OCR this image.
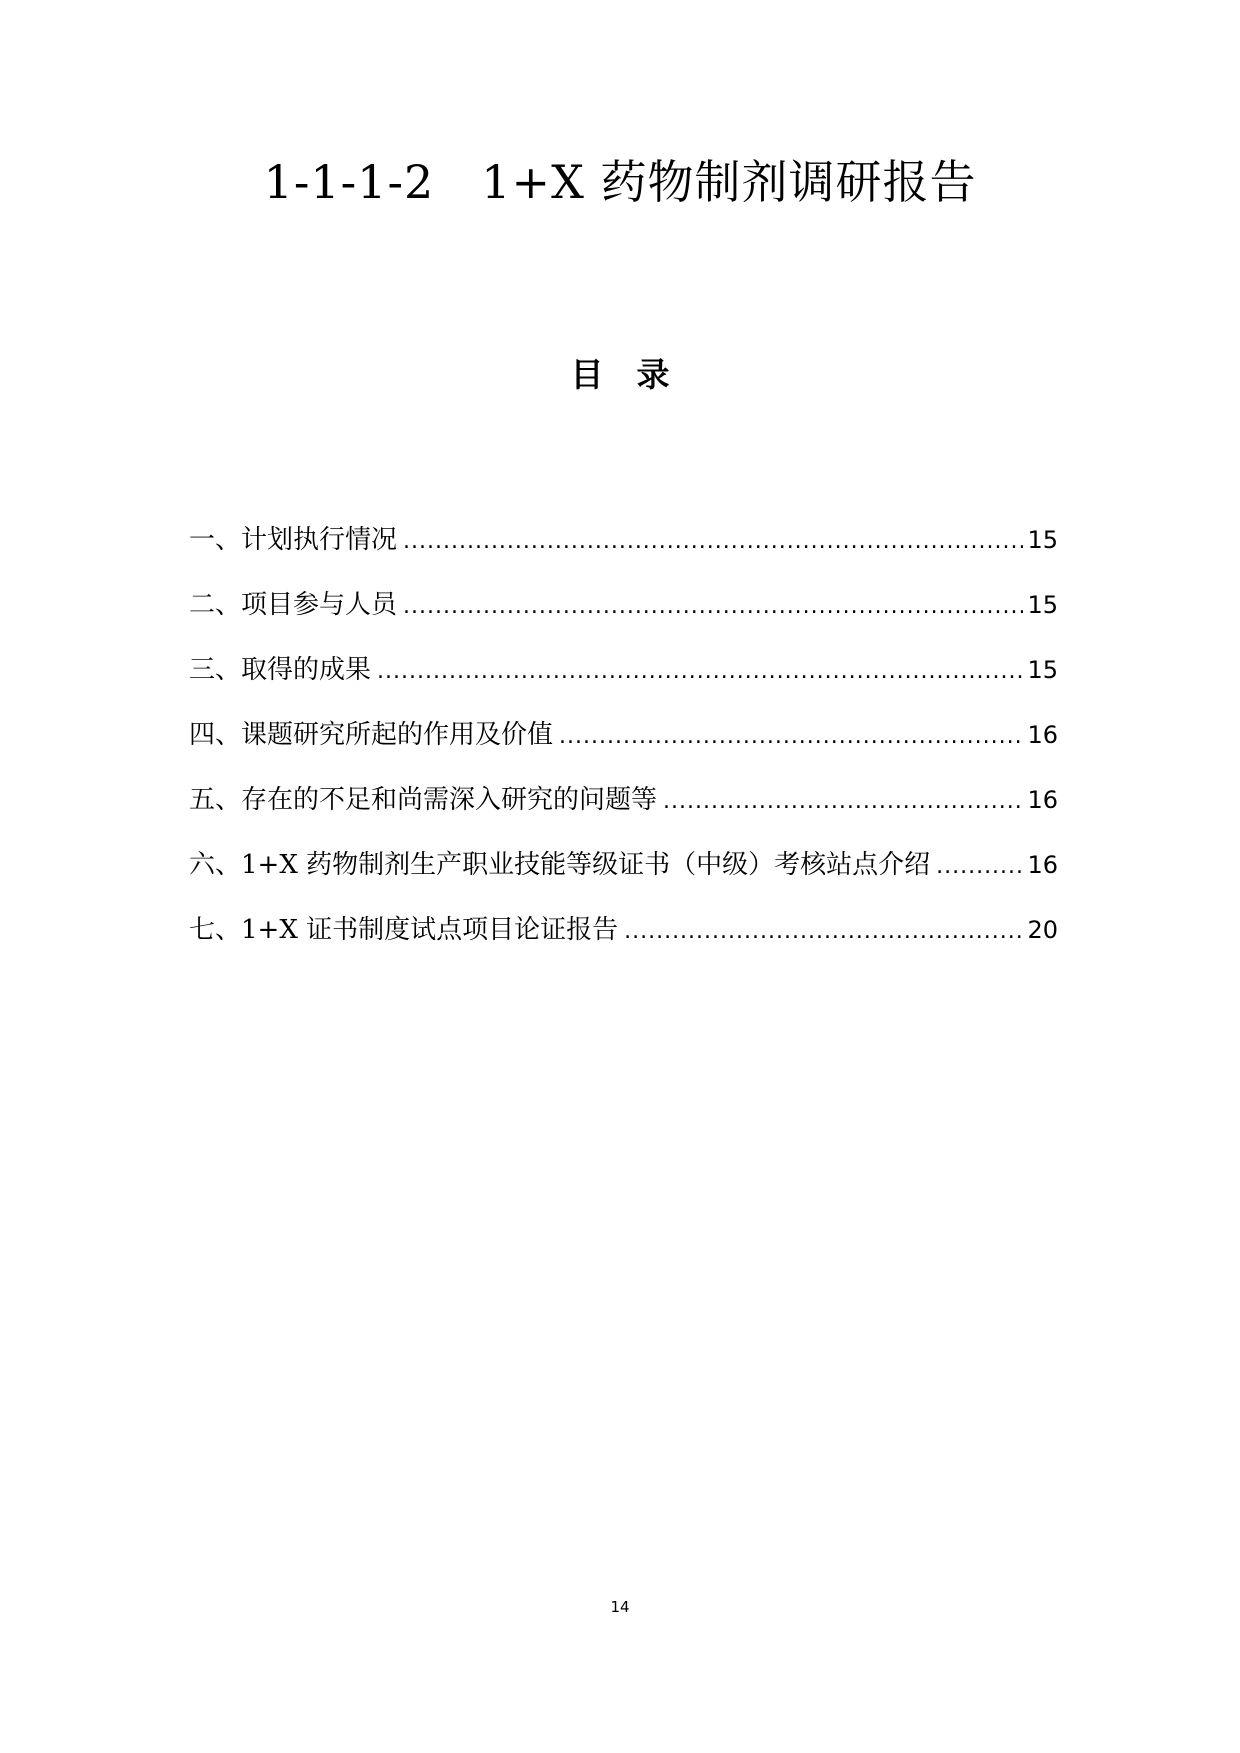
1-1-1-2　1+X 药物制剂调研报告
目　录
一、计划执行情况 .....	15
二、项目参与人员 .....	15
三、取得的成果 .....	15
四、课题研究所起的作用及价值 .....	16
五、存在的不足和尚需深入研究的问题等 .....	16
六、1+X 药物制剂生产职业技能等级证书（中级）考核站点介绍 .....	16
七、1+X 证书制度试点项目论证报告 .....	20
14
